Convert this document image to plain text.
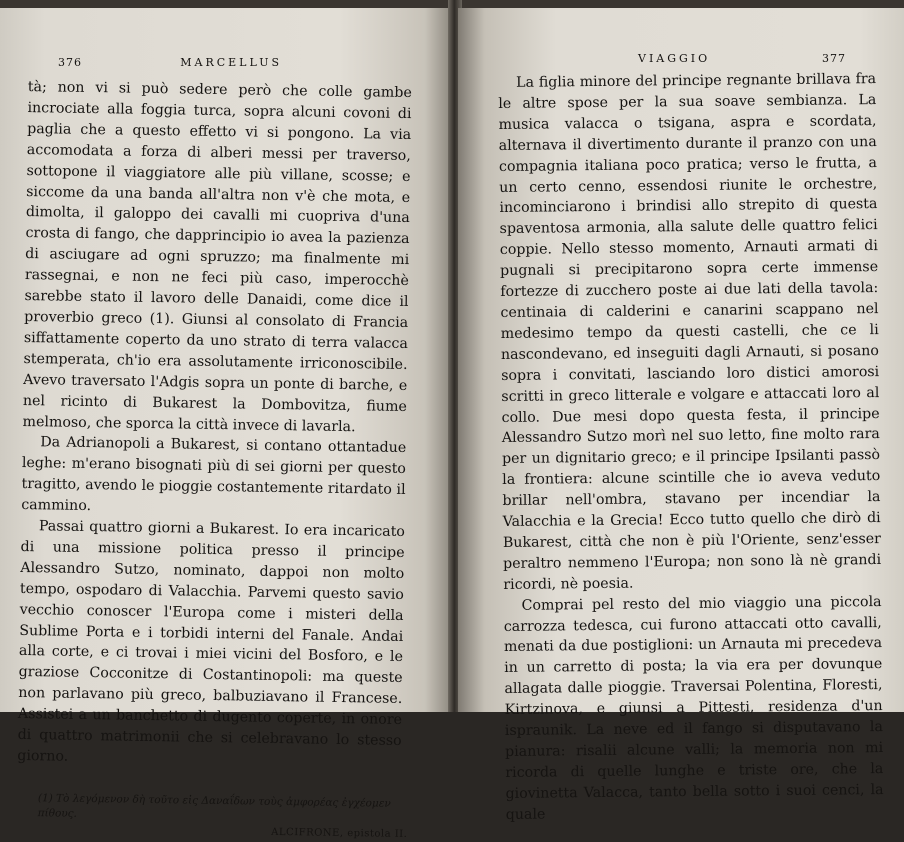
376	MARCELLUS

tà; non vi si può sedere però che colle gambe incrociate alla foggia turca, sopra alcuni covoni di paglia che a questo effetto vi si pongono. La via accomodata a forza di alberi messi per traverso, sottopone il viaggiatore alle più villane, scosse; e siccome da una banda all'altra non v'è che mota, e dimolta, il galoppo dei cavalli mi cuopriva d'una crosta di fango, che dapprincipio io avea la pazienza di asciugare ad ogni spruzzo; ma finalmente mi rassegnai, e non ne feci più caso, imperocchè sarebbe stato il lavoro delle Danaidi, come dice il proverbio greco (1). Giunsi al consolato di Francia siffattamente coperto da uno strato di terra valacca stemperata, ch'io era assolutamente irriconoscibile. Avevo traversato l'Adgis sopra un ponte di barche, e nel ricinto di Bukarest la Dombovitza, fiume melmoso, che sporca la città invece di lavarla.

Da Adrianopoli a Bukarest, si contano ottantadue leghe: m'erano bisognati più di sei giorni per questo tragitto, avendo le pioggie costantemente ritardato il cammino.

Passai quattro giorni a Bukarest. Io era incaricato di una missione politica presso il principe Alessandro Sutzo, nominato, dappoi non molto tempo, ospodaro di Valacchia. Parvemi questo savio vecchio conoscer l'Europa come i misteri della Sublime Porta e i torbidi interni del Fanale. Andai alla corte, e ci trovai i miei vicini del Bosforo, e le graziose Cocconitze di Costantinopoli: ma queste non parlavano più greco, balbuziavano il Francese. Assistei a un banchetto di dugento coperte, in onore di quattro matrimonii che si celebravano lo stesso giorno.

(1) Τὸ λεγόμενον δὴ τοῦτο εἰς Δαναΐδων τοὺς ἀμφορέας ἐγχέομεν πίθους.
ALCIFRONE, epistola II.
VIAGGIO	377

La figlia minore del principe regnante brillava fra le altre spose per la sua soave sembianza. La musica valacca o tsigana, aspra e scordata, alternava il divertimento durante il pranzo con una compagnia italiana poco pratica; verso le frutta, a un certo cenno, essendosi riunite le orchestre, incominciarono i brindisi allo strepito di questa spaventosa armonia, alla salute delle quattro felici coppie. Nello stesso momento, Arnauti armati di pugnali si precipitarono sopra certe immense fortezze di zucchero poste ai due lati della tavola: centinaia di calderini e canarini scappano nel medesimo tempo da questi castelli, che ce li nascondevano, ed inseguiti dagli Arnauti, si posano sopra i convitati, lasciando loro distici amorosi scritti in greco litterale e volgare e attaccati loro al collo. Due mesi dopo questa festa, il principe Alessandro Sutzo morì nel suo letto, fine molto rara per un dignitario greco; e il principe Ipsilanti passò la frontiera: alcune scintille che io aveva veduto brillar nell'ombra, stavano per incendiar la Valacchia e la Grecia! Ecco tutto quello che dirò di Bukarest, città che non è più l'Oriente, senz'esser peraltro nemmeno l'Europa; non sono là nè grandi ricordi, nè poesia.

Comprai pel resto del mio viaggio una piccola carrozza tedesca, cui furono attaccati otto cavalli, menati da due postiglioni: un Arnauta mi precedeva in un carretto di posta; la via era per dovunque allagata dalle pioggie. Traversai Polentina, Floresti, Kirtzinova, e giunsi a Pittesti, residenza d'un ispraunik. La neve ed il fango si disputavano la pianura: risalii alcune valli; la memoria non mi ricorda di quelle lunghe e triste ore, che la giovinetta Valacca, tanto bella sotto i suoi cenci, la quale
